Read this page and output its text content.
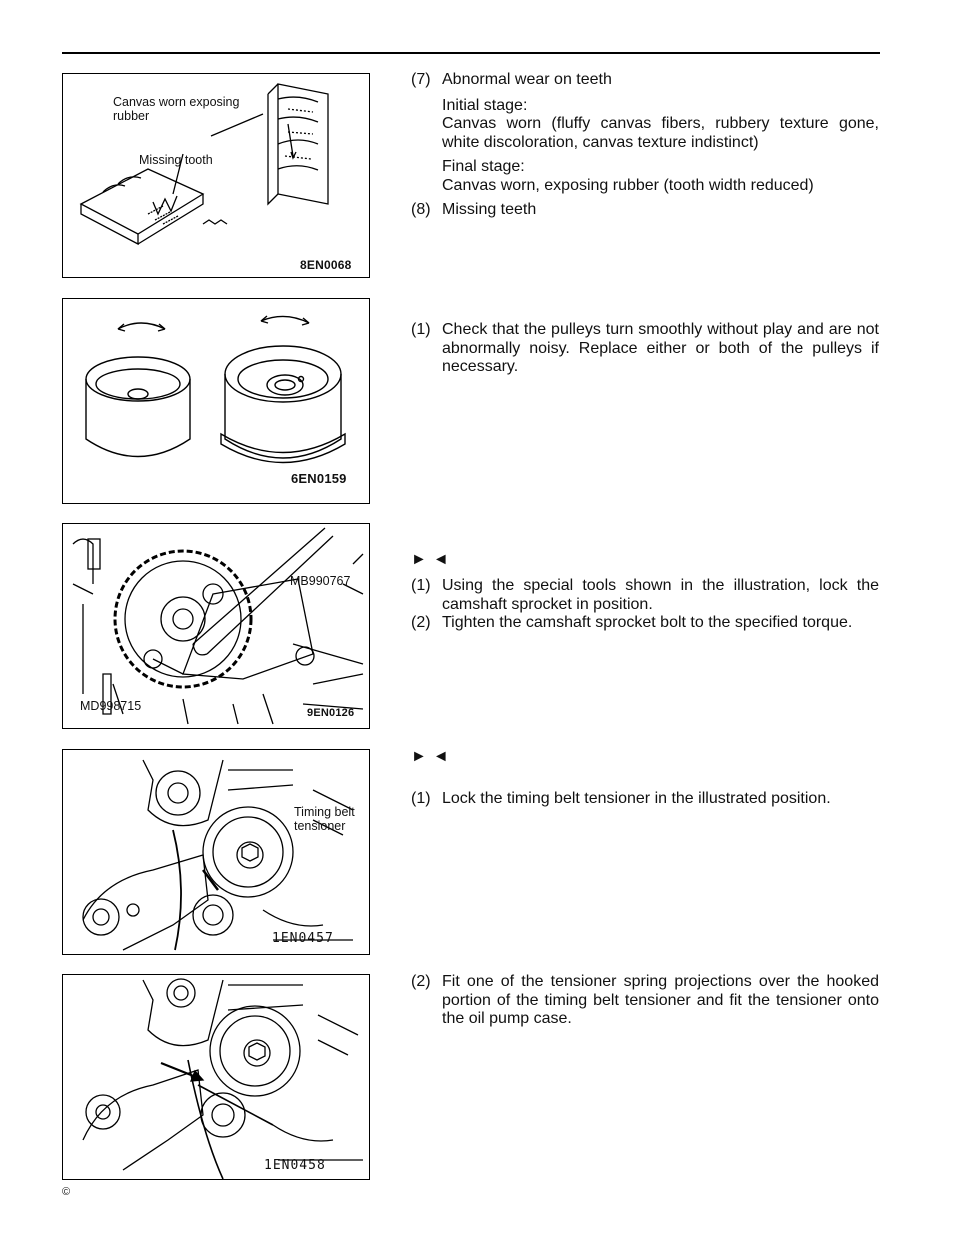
Canvas worn exposing rubber
Missing tooth
8EN0068
6EN0159
MB990767
MD998715	9EN0126
Timing belt tensioner
1EN0457
1EN0458
(7) Abnormal wear on teeth
Initial stage:
Canvas worn (fluffy canvas fibers, rubbery texture gone, white discoloration, canvas texture indistinct)
Final stage:
Canvas worn, exposing rubber (tooth width reduced)
(8) Missing teeth
(1) Check that the pulleys turn smoothly without play and are not abnormally noisy. Replace either or both of the pulleys if necessary.
►◄
(1) Using the special tools shown in the illustration, lock the camshaft sprocket in position.
(2) Tighten the camshaft sprocket bolt to the specified torque.
►◄
(1) Lock the timing belt tensioner in the illustrated position.
(2) Fit one of the tensioner spring projections over the hooked portion of the timing belt tensioner and fit the tensioner onto the oil pump case.
©
